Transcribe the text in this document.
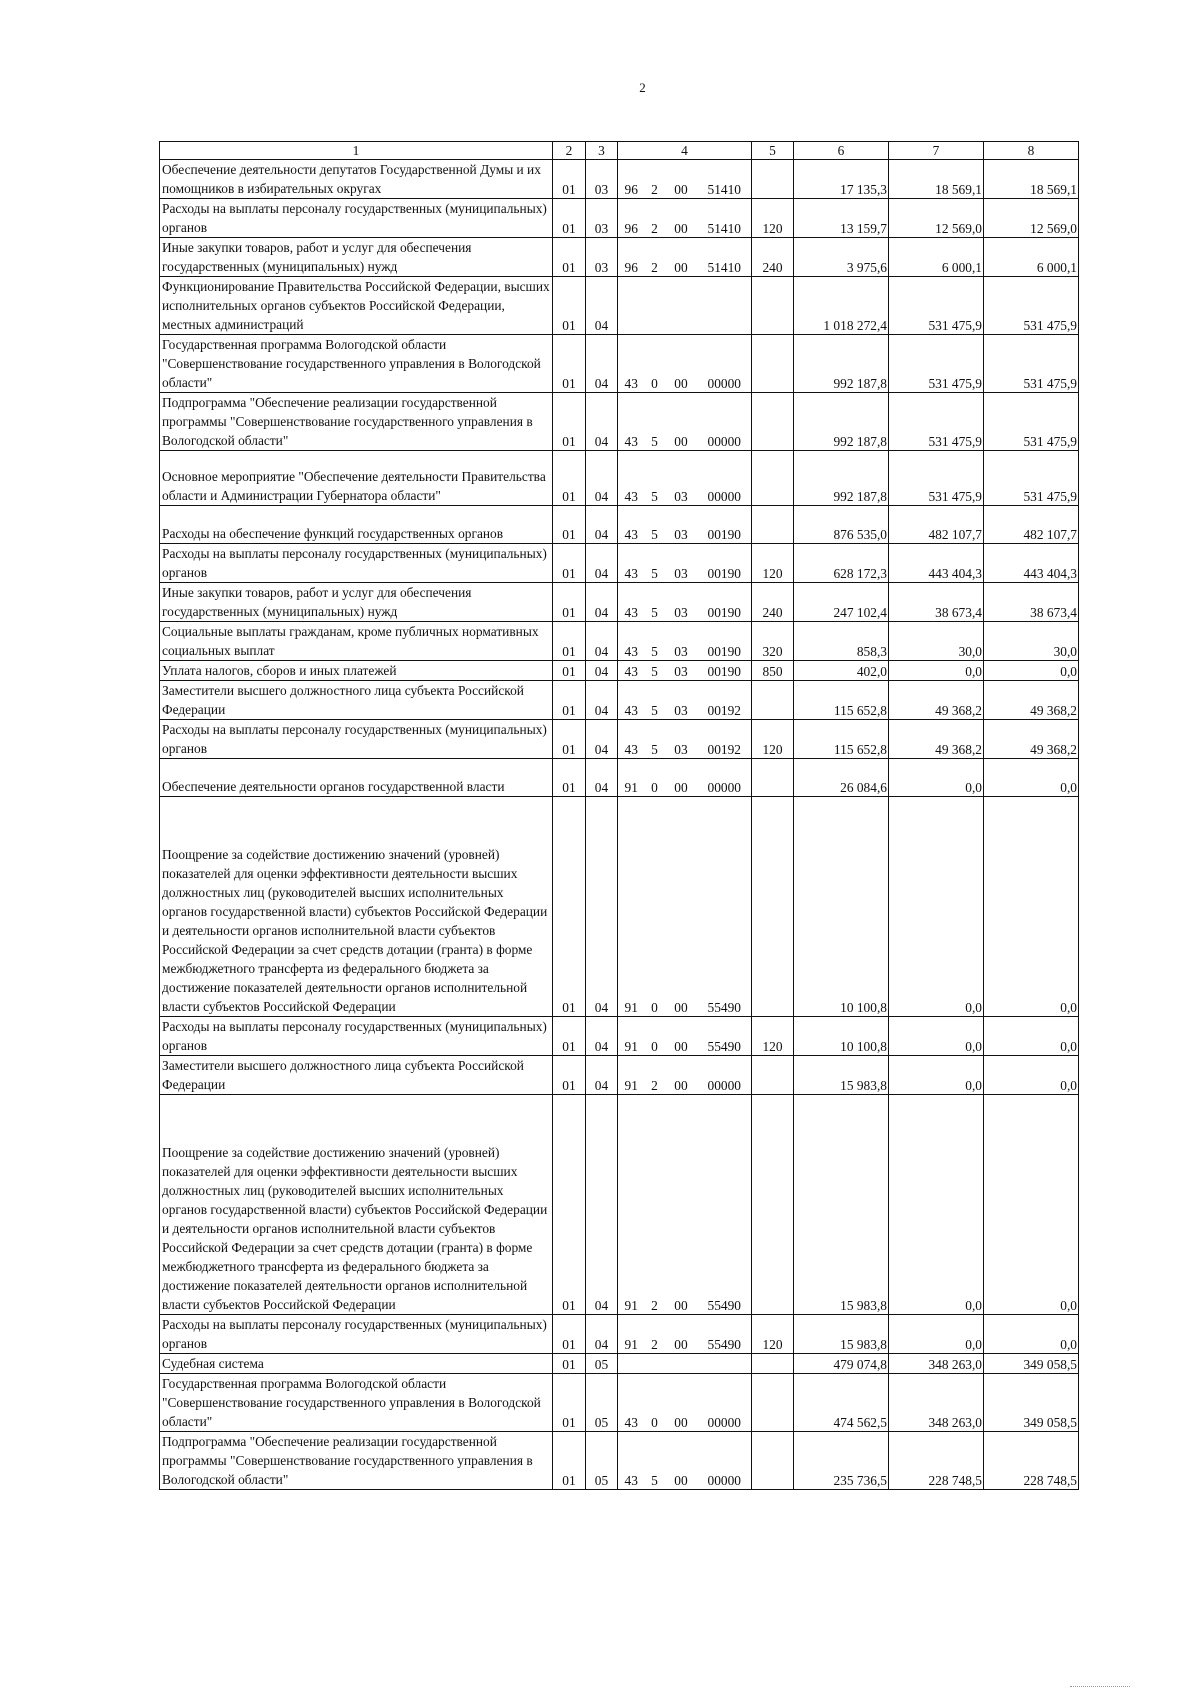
2
1	2	3	4				5	6	7	8
Обеспечение деятельности депутатов Государственной Думы и их помощников в избирательных округах	01	03	96	2	00	51410		17 135,3	18 569,1	18 569,1
Расходы на выплаты персоналу государственных (муниципальных) органов	01	03	96	2	00	51410	120	13 159,7	12 569,0	12 569,0
Иные закупки товаров, работ и услуг для обеспечения государственных (муниципальных) нужд	01	03	96	2	00	51410	240	3 975,6	6 000,1	6 000,1
Функционирование Правительства Российской Федерации, высших исполнительных органов субъектов Российской Федерации, местных администраций	01	04						1 018 272,4	531 475,9	531 475,9
Государственная программа Вологодской области "Совершенствование государственного управления в Вологодской области"	01	04	43	0	00	00000		992 187,8	531 475,9	531 475,9
Подпрограмма "Обеспечение реализации государственной программы "Совершенствование государственного управления в Вологодской области"	01	04	43	5	00	00000		992 187,8	531 475,9	531 475,9
Основное мероприятие "Обеспечение деятельности Правительства области и Администрации Губернатора области"	01	04	43	5	03	00000		992 187,8	531 475,9	531 475,9
Расходы на обеспечение функций государственных органов	01	04	43	5	03	00190		876 535,0	482 107,7	482 107,7
Расходы на выплаты персоналу государственных (муниципальных) органов	01	04	43	5	03	00190	120	628 172,3	443 404,3	443 404,3
Иные закупки товаров, работ и услуг для обеспечения государственных (муниципальных) нужд	01	04	43	5	03	00190	240	247 102,4	38 673,4	38 673,4
Социальные выплаты гражданам, кроме публичных нормативных социальных выплат	01	04	43	5	03	00190	320	858,3	30,0	30,0
Уплата налогов, сборов и иных платежей	01	04	43	5	03	00190	850	402,0	0,0	0,0
Заместители высшего должностного лица субъекта Российской Федерации	01	04	43	5	03	00192		115 652,8	49 368,2	49 368,2
Расходы на выплаты персоналу государственных (муниципальных) органов	01	04	43	5	03	00192	120	115 652,8	49 368,2	49 368,2
Обеспечение деятельности органов государственной власти	01	04	91	0	00	00000		26 084,6	0,0	0,0
Поощрение за содействие достижению значений (уровней) показателей для оценки эффективности деятельности высших должностных лиц (руководителей высших исполнительных органов государственной власти) субъектов Российской Федерации и деятельности органов исполнительной власти субъектов Российской Федерации за счет средств дотации (гранта) в форме межбюджетного трансферта из федерального бюджета за достижение показателей деятельности органов исполнительной власти субъектов Российской Федерации	01	04	91	0	00	55490		10 100,8	0,0	0,0
Расходы на выплаты персоналу государственных (муниципальных) органов	01	04	91	0	00	55490	120	10 100,8	0,0	0,0
Заместители высшего должностного лица субъекта Российской Федерации	01	04	91	2	00	00000		15 983,8	0,0	0,0
Поощрение за содействие достижению значений (уровней) показателей для оценки эффективности деятельности высших должностных лиц (руководителей высших исполнительных органов государственной власти) субъектов Российской Федерации и деятельности органов исполнительной власти субъектов Российской Федерации за счет средств дотации (гранта) в форме межбюджетного трансферта из федерального бюджета за достижение показателей деятельности органов исполнительной власти субъектов Российской Федерации	01	04	91	2	00	55490		15 983,8	0,0	0,0
Расходы на выплаты персоналу государственных (муниципальных) органов	01	04	91	2	00	55490	120	15 983,8	0,0	0,0
Судебная система	01	05						479 074,8	348 263,0	349 058,5
Государственная программа Вологодской области "Совершенствование государственного управления в Вологодской области"	01	05	43	0	00	00000		474 562,5	348 263,0	349 058,5
Подпрограмма "Обеспечение реализации государственной программы "Совершенствование государственного управления в Вологодской области"	01	05	43	5	00	00000		235 736,5	228 748,5	228 748,5
